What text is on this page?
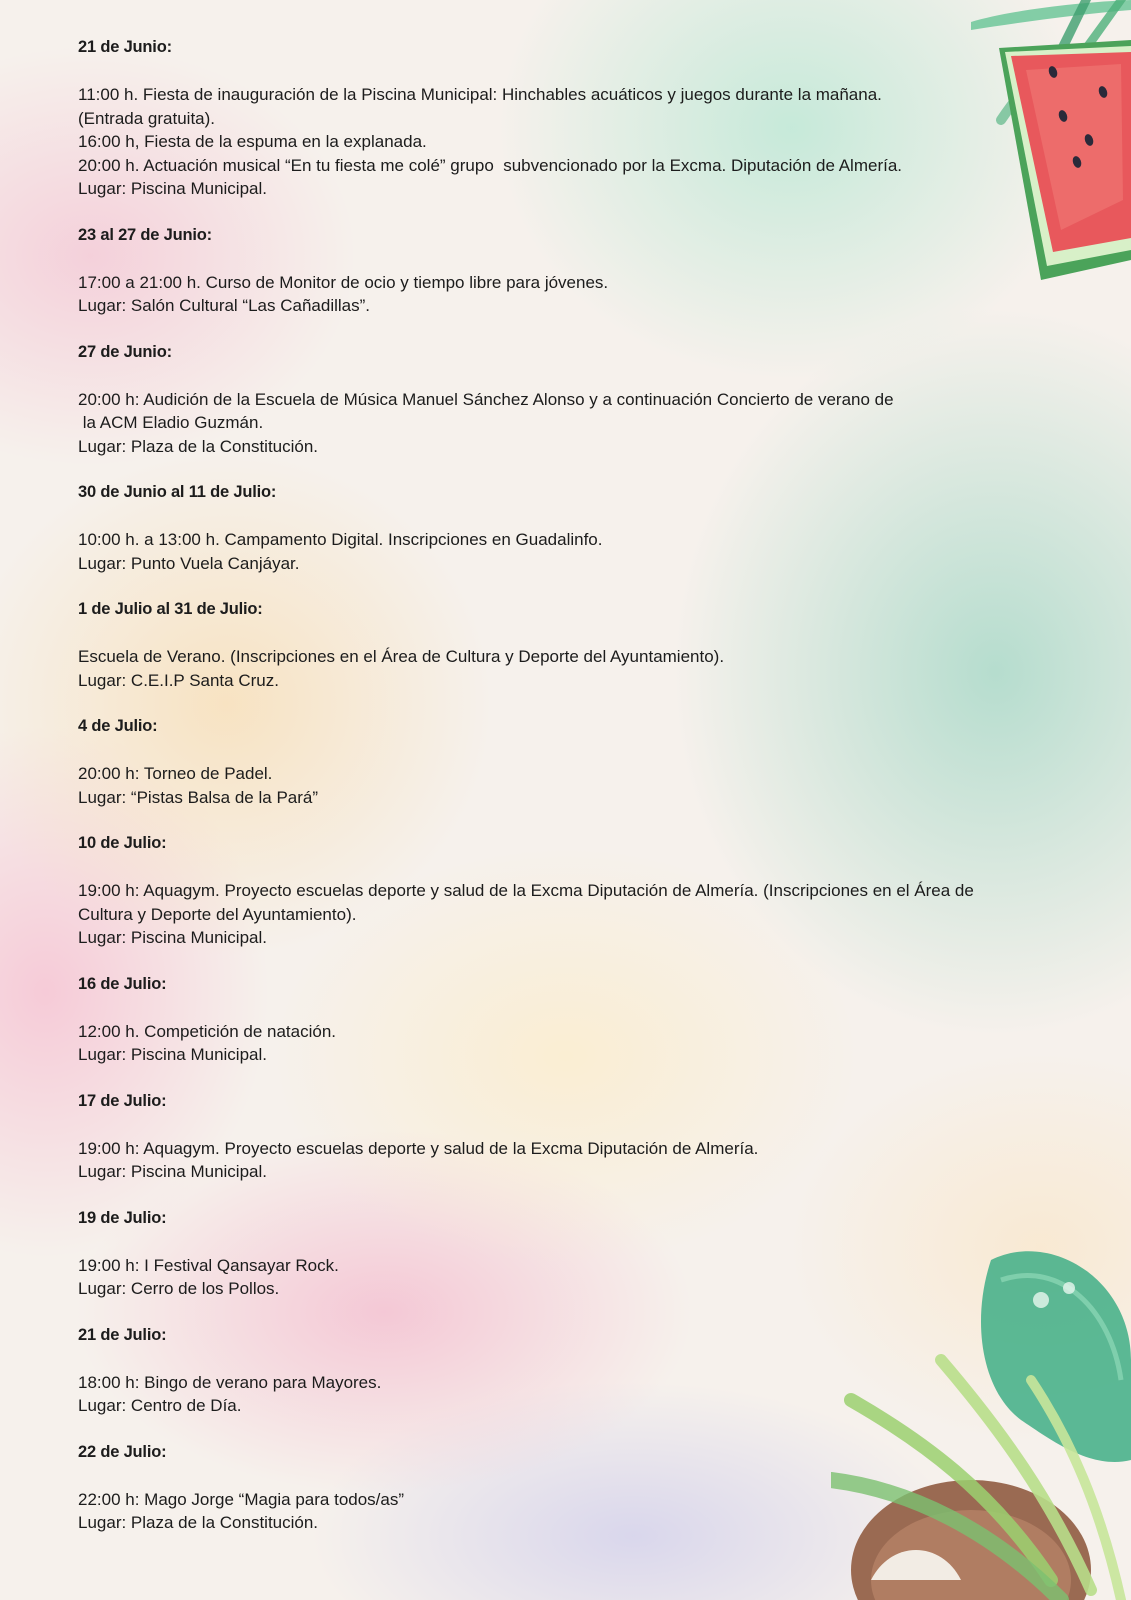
21 de Junio:
11:00 h. Fiesta de inauguración de la Piscina Municipal: Hinchables acuáticos y juegos durante la mañana.
(Entrada gratuita).
16:00 h, Fiesta de la espuma en la explanada.
20:00 h. Actuación musical “En tu fiesta me colé” grupo  subvencionado por la Excma. Diputación de Almería.
Lugar: Piscina Municipal.
23 al 27 de Junio:
17:00 a 21:00 h. Curso de Monitor de ocio y tiempo libre para jóvenes.
Lugar: Salón Cultural “Las Cañadillas”.
27 de Junio:
20:00 h: Audición de la Escuela de Música Manuel Sánchez Alonso y a continuación Concierto de verano de
la ACM Eladio Guzmán.
Lugar: Plaza de la Constitución.
30 de Junio al 11 de Julio:
10:00 h. a 13:00 h. Campamento Digital. Inscripciones en Guadalinfo.
Lugar: Punto Vuela Canjáyar.
1 de Julio al 31 de Julio:
Escuela de Verano. (Inscripciones en el Área de Cultura y Deporte del Ayuntamiento).
Lugar: C.E.I.P Santa Cruz.
4 de Julio:
20:00 h: Torneo de Padel.
Lugar: “Pistas Balsa de la Pará”
10 de Julio:
19:00 h: Aquagym. Proyecto escuelas deporte y salud de la Excma Diputación de Almería. (Inscripciones en el Área de
Cultura y Deporte del Ayuntamiento).
Lugar: Piscina Municipal.
16 de Julio:
12:00 h. Competición de natación.
Lugar: Piscina Municipal.
17 de Julio:
19:00 h: Aquagym. Proyecto escuelas deporte y salud de la Excma Diputación de Almería.
Lugar: Piscina Municipal.
19 de Julio:
19:00 h: I Festival Qansayar Rock.
Lugar: Cerro de los Pollos.
21 de Julio:
18:00 h: Bingo de verano para Mayores.
Lugar: Centro de Día.
22 de Julio:
22:00 h: Mago Jorge “Magia para todos/as”
Lugar: Plaza de la Constitución.
